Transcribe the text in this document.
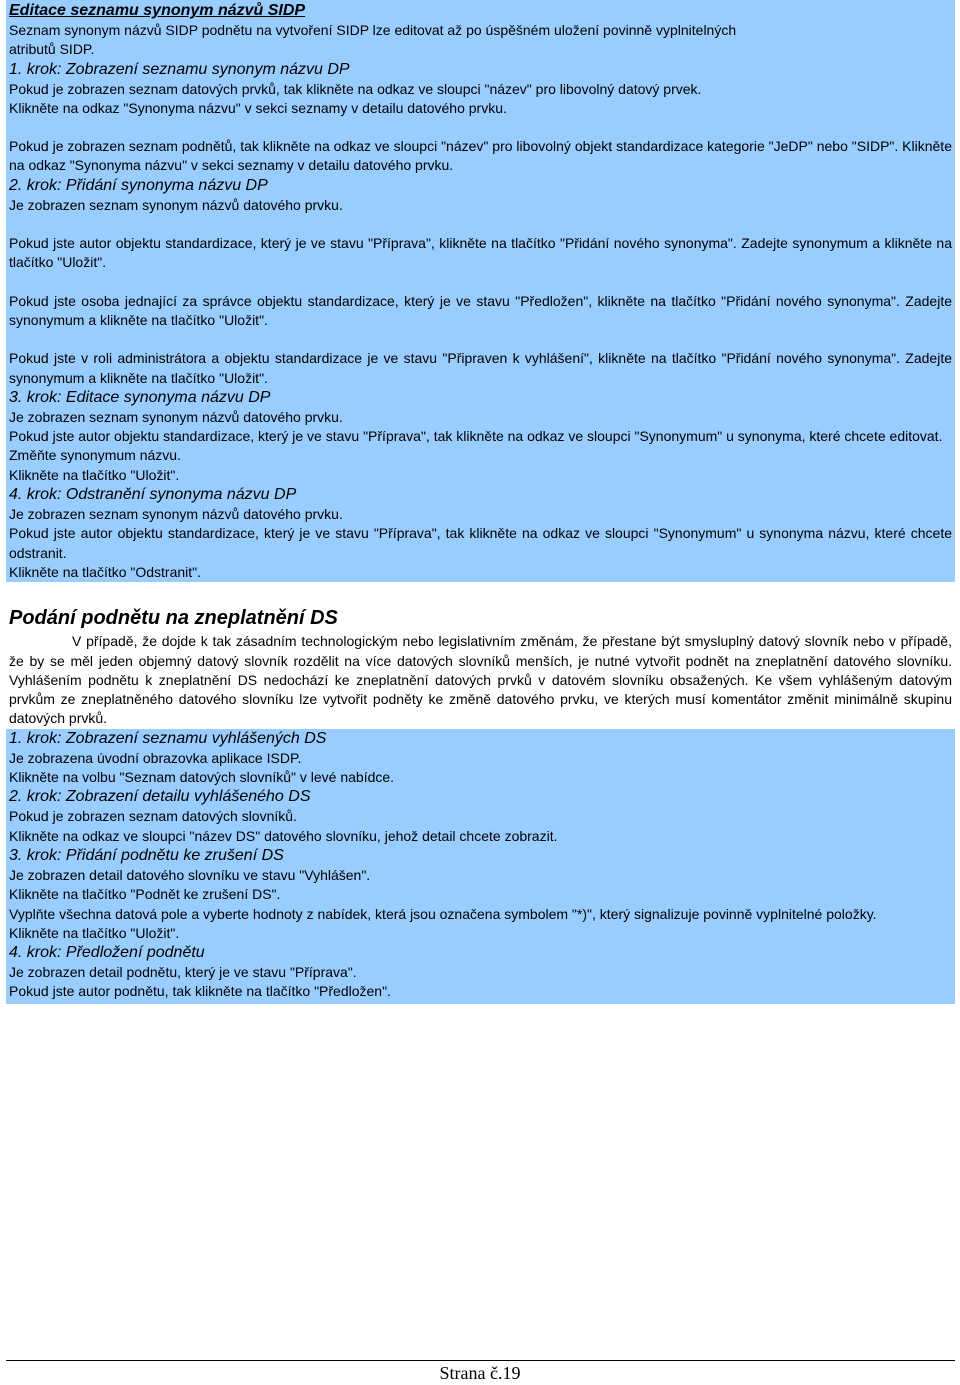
Editace seznamu synonym názvů SIDP
Seznam synonym názvů SIDP podnětu na vytvoření SIDP lze editovat až po úspěšném uložení povinně vyplnitelných
atributů SIDP.
1. krok: Zobrazení seznamu synonym názvu DP
Pokud je zobrazen seznam datových prvků, tak klikněte na odkaz ve sloupci "název" pro libovolný datový prvek.
Klikněte na odkaz "Synonyma názvu" v sekci seznamy v detailu datového prvku.
Pokud je zobrazen seznam podnětů, tak klikněte na odkaz ve sloupci "název" pro libovolný objekt standardizace kategorie "JeDP" nebo "SIDP". Klikněte na odkaz "Synonyma názvu" v sekci seznamy v detailu datového prvku.
2. krok: Přidání synonyma názvu DP
Je zobrazen seznam synonym názvů datového prvku.
Pokud jste autor objektu standardizace, který je ve stavu "Příprava", klikněte na tlačítko "Přidání nového synonyma". Zadejte synonymum a klikněte na tlačítko "Uložit".
Pokud jste osoba jednající za správce objektu standardizace, který je ve stavu "Předložen", klikněte na tlačítko "Přidání nového synonyma". Zadejte synonymum a klikněte na tlačítko "Uložit".
Pokud jste v roli administrátora a objektu standardizace je ve stavu "Připraven k vyhlášení", klikněte na tlačítko "Přidání nového synonyma". Zadejte synonymum a klikněte na tlačítko "Uložit".
3. krok: Editace synonyma názvu DP
Je zobrazen seznam synonym názvů datového prvku.
Pokud jste autor objektu standardizace, který je ve stavu "Příprava", tak klikněte na odkaz ve sloupci "Synonymum" u synonyma, které chcete editovat.
Změňte synonymum názvu.
Klikněte na tlačítko "Uložit".
4. krok: Odstranění synonyma názvu DP
Je zobrazen seznam synonym názvů datového prvku.
Pokud jste autor objektu standardizace, který je ve stavu "Příprava", tak klikněte na odkaz ve sloupci "Synonymum" u synonyma názvu, které chcete odstranit.
Klikněte na tlačítko "Odstranit".
Podání podnětu na zneplatnění DS
V případě, že dojde k tak zásadním technologickým nebo legislativním změnám, že přestane být smysluplný datový slovník nebo v případě, že by se měl jeden objemný datový slovník rozdělit na více datových slovníků menších, je nutné vytvořit podnět na zneplatnění datového slovníku. Vyhlášením podnětu k zneplatnění DS nedochází ke zneplatnění datových prvků v datovém slovníku obsažených. Ke všem vyhlášeným datovým prvkům ze zneplatněného datového slovníku lze vytvořit podněty ke změně datového prvku, ve kterých musí komentátor změnit minimálně skupinu datových prvků.
1. krok: Zobrazení seznamu vyhlášených DS
Je zobrazena úvodní obrazovka aplikace ISDP.
Klikněte na volbu "Seznam datových slovníků" v levé nabídce.
2. krok: Zobrazení detailu vyhlášeného DS
Pokud je zobrazen seznam datových slovníků.
Klikněte na odkaz ve sloupci "název DS" datového slovníku, jehož detail chcete zobrazit.
3. krok: Přidání podnětu ke zrušení DS
Je zobrazen detail datového slovníku ve stavu "Vyhlášen".
Klikněte na tlačítko "Podnět ke zrušení DS".
Vyplňte všechna datová pole a vyberte hodnoty z nabídek, která jsou označena symbolem "*)", který signalizuje povinně vyplnitelné položky.
Klikněte na tlačítko "Uložit".
4. krok: Předložení podnětu
Je zobrazen detail podnětu, který je ve stavu "Příprava".
Pokud jste autor podnětu, tak klikněte na tlačítko "Předložen".
Strana č.19
